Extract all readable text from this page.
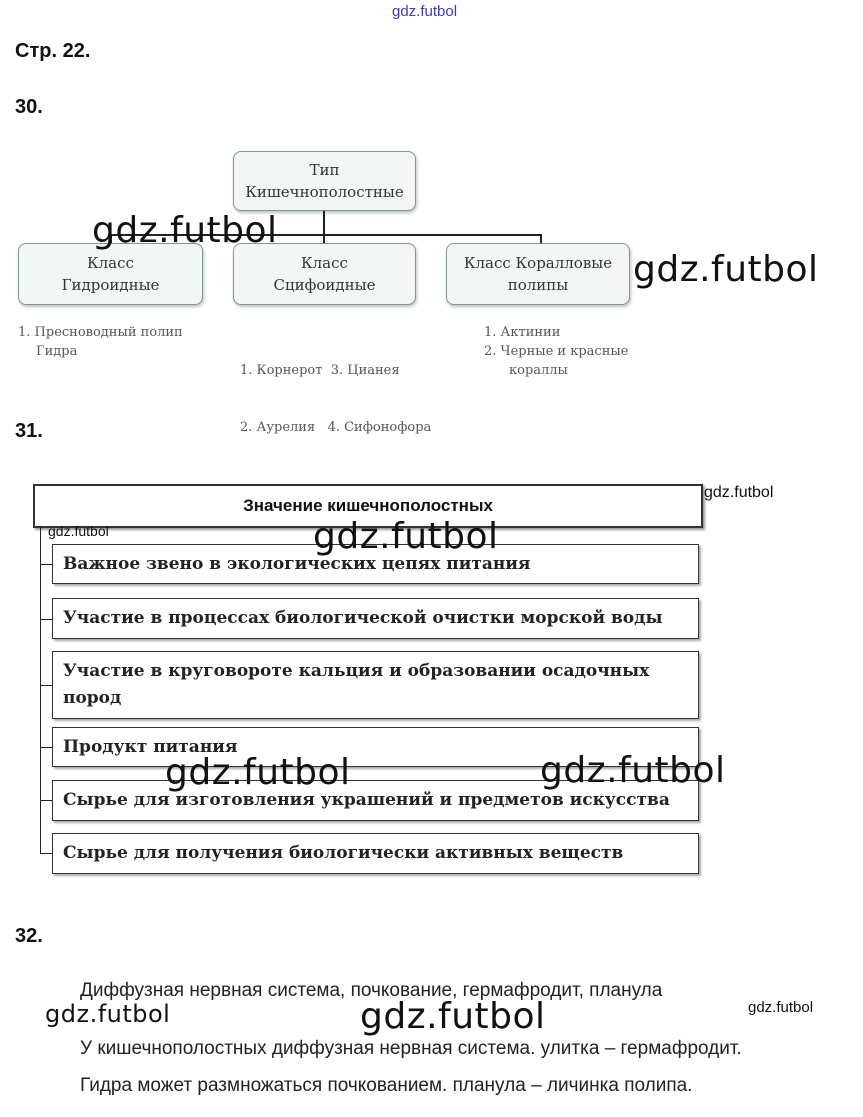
gdz.futbol
Стр. 22.
30.
Тип
Кишечнополостные
Класс
Гидроидные
Класс
Сцифоидные
Класс Коралловые
полипы
1. Пресноводный полип
Гидра

1. Корнерот  3. Цианея

2. Аурелия   4. Сифонофора

1. Актинии
2. Черные и красные
кораллы
gdz.futbol
gdz.futbol
31.
Значение кишечнополостных
Важное звено в экологических цепях питания
Участие в процессах биологической очистки морской воды
Участие в круговороте кальция и образовании осадочных пород
Продукт питания
Сырье для изготовления украшений и предметов искусства
Сырье для получения биологически активных веществ
gdz.futbol
gdz.futbol	gdz.futbol
gdz.futbol	gdz.futbol
32.
Диффузная нервная система, почкование, гермафродит, планула
У кишечнополостных диффузная нервная система. улитка – гермафродит.
Гидра может размножаться почкованием. планула – личинка полипа.
gdz.futbol	gdz.futbol	gdz.futbol
